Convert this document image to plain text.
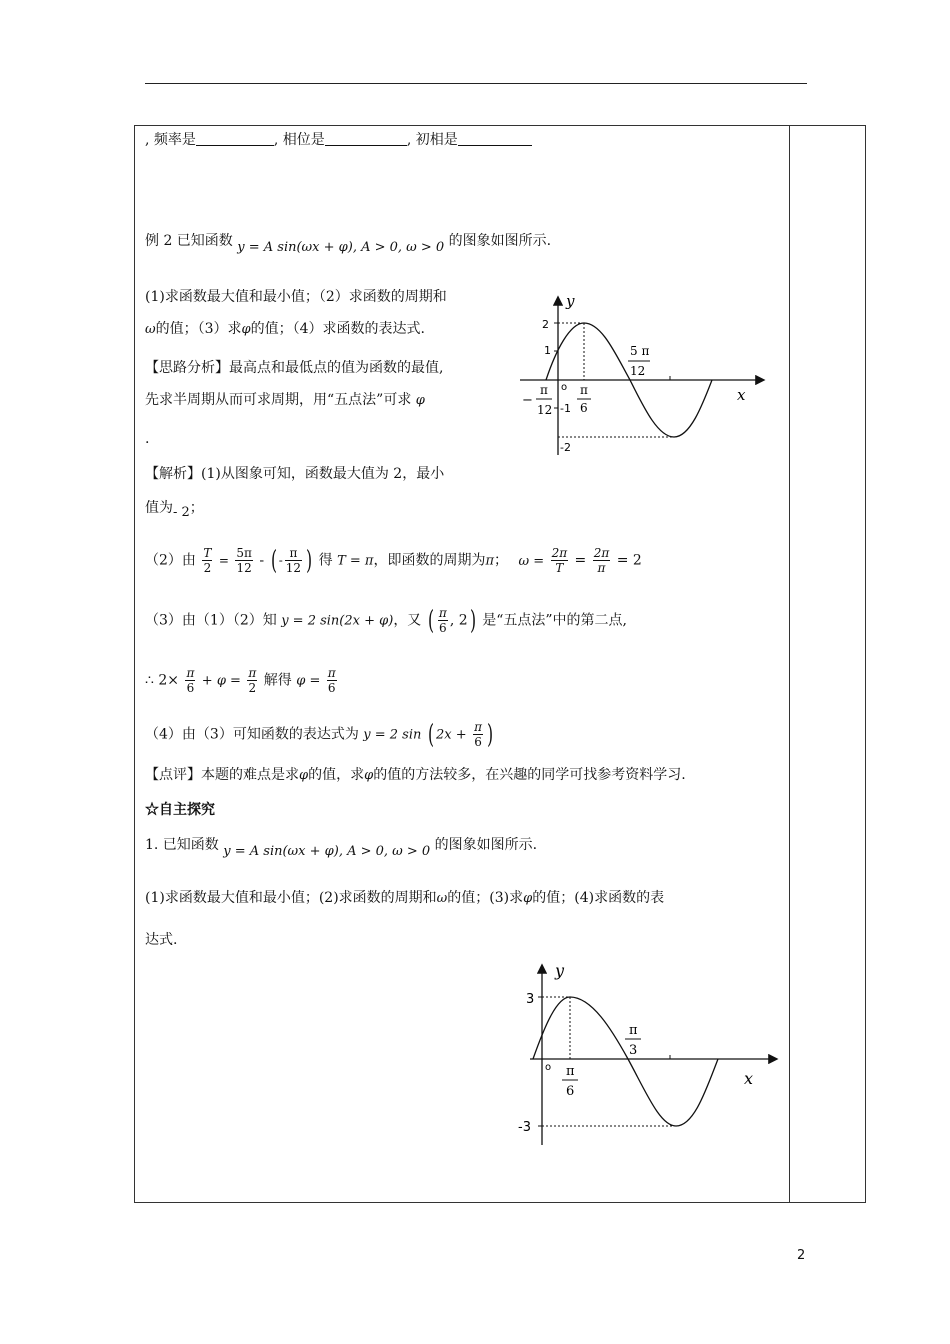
, 频率是	, 相位是	, 初相是
例 2 已知函数 y = A sin(ωx + φ), A > 0, ω > 0 的图象如图所示.
(1)求函数最大值和最小值；（2）求函数的周期和
ω的值；（3）求φ的值；（4）求函数的表达式.
【思路分析】最高点和最低点的值为函数的最值,
先求半周期从而可求周期，用“五点法”可求 φ
.
y
x
2
1
-1
-2
o
5 π
12
−
π
12
π
6
【解析】(1)从图象可知，函数最大值为 2，最小
值为- 2；
（2）由 $\frac{T}{2} = \frac{5\pi}{12}$ - ( - $\frac{\pi}{12}$ ) 得 T = π，即函数的周期为π； $\omega = \frac{2\pi}{T} = \frac{2\pi}{\pi} = 2$
（3）由（1）（2）知 y = 2 sin(2x + φ)，又 ( $\frac{\pi}{6}$ , 2) 是“五点法”中的第二点,
∴ $2\times \frac{\pi}{6} + \varphi = \frac{\pi}{2}$ 解得 $\varphi = \frac{\pi}{6}$
（4）由（3）可知函数的表达式为 y = 2 sin ( $2x + \frac{\pi}{6}$ )
【点评】本题的难点是求φ的值，求φ的值的方法较多，在兴趣的同学可找参考资料学习.
☆自主探究
1. 已知函数 y = A sin(ωx + φ), A > 0, ω > 0 的图象如图所示.
(1)求函数最大值和最小值；(2)求函数的周期和ω的值；(3)求φ的值；(4)求函数的表
达式.
y
x
3
-3
o
π
3
π
6
2
